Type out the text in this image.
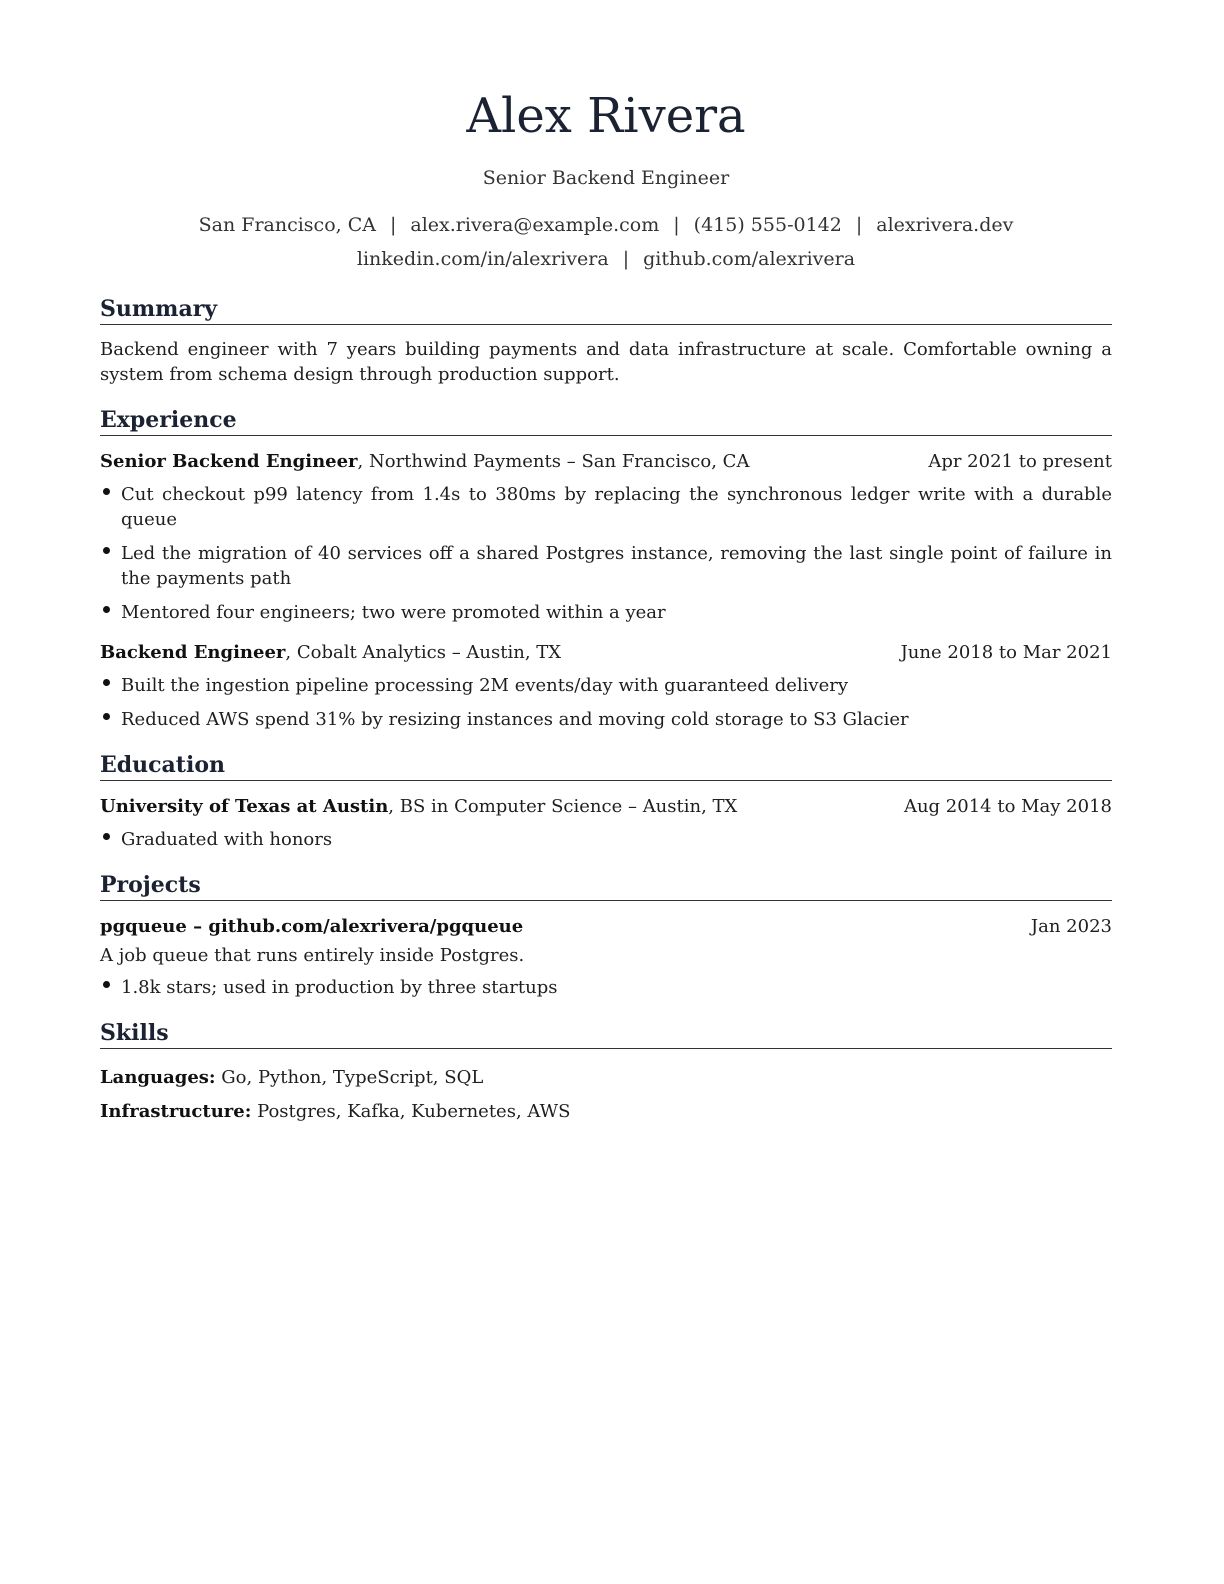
Alex Rivera
Senior Backend Engineer
San Francisco, CA | alex.rivera@example.com | (415) 555-0142 | alexrivera.dev
linkedin.com/in/alexrivera | github.com/alexrivera
Summary
Backend engineer with 7 years building payments and data infrastructure at scale. Comfortable owning a system from schema design through production support.
Experience
Senior Backend Engineer, Northwind Payments – San Francisco, CA	Apr 2021 to present
Cut checkout p99 latency from 1.4s to 380ms by replacing the synchronous ledger write with a durable queue
Led the migration of 40 services off a shared Postgres instance, removing the last single point of failure in the payments path
Mentored four engineers; two were promoted within a year
Backend Engineer, Cobalt Analytics – Austin, TX	June 2018 to Mar 2021
Built the ingestion pipeline processing 2M events/day with guaranteed delivery
Reduced AWS spend 31% by resizing instances and moving cold storage to S3 Glacier
Education
University of Texas at Austin, BS in Computer Science – Austin, TX	Aug 2014 to May 2018
Graduated with honors
Projects
pgqueue – github.com/alexrivera/pgqueue	Jan 2023
A job queue that runs entirely inside Postgres.
1.8k stars; used in production by three startups
Skills
Languages: Go, Python, TypeScript, SQL
Infrastructure: Postgres, Kafka, Kubernetes, AWS
